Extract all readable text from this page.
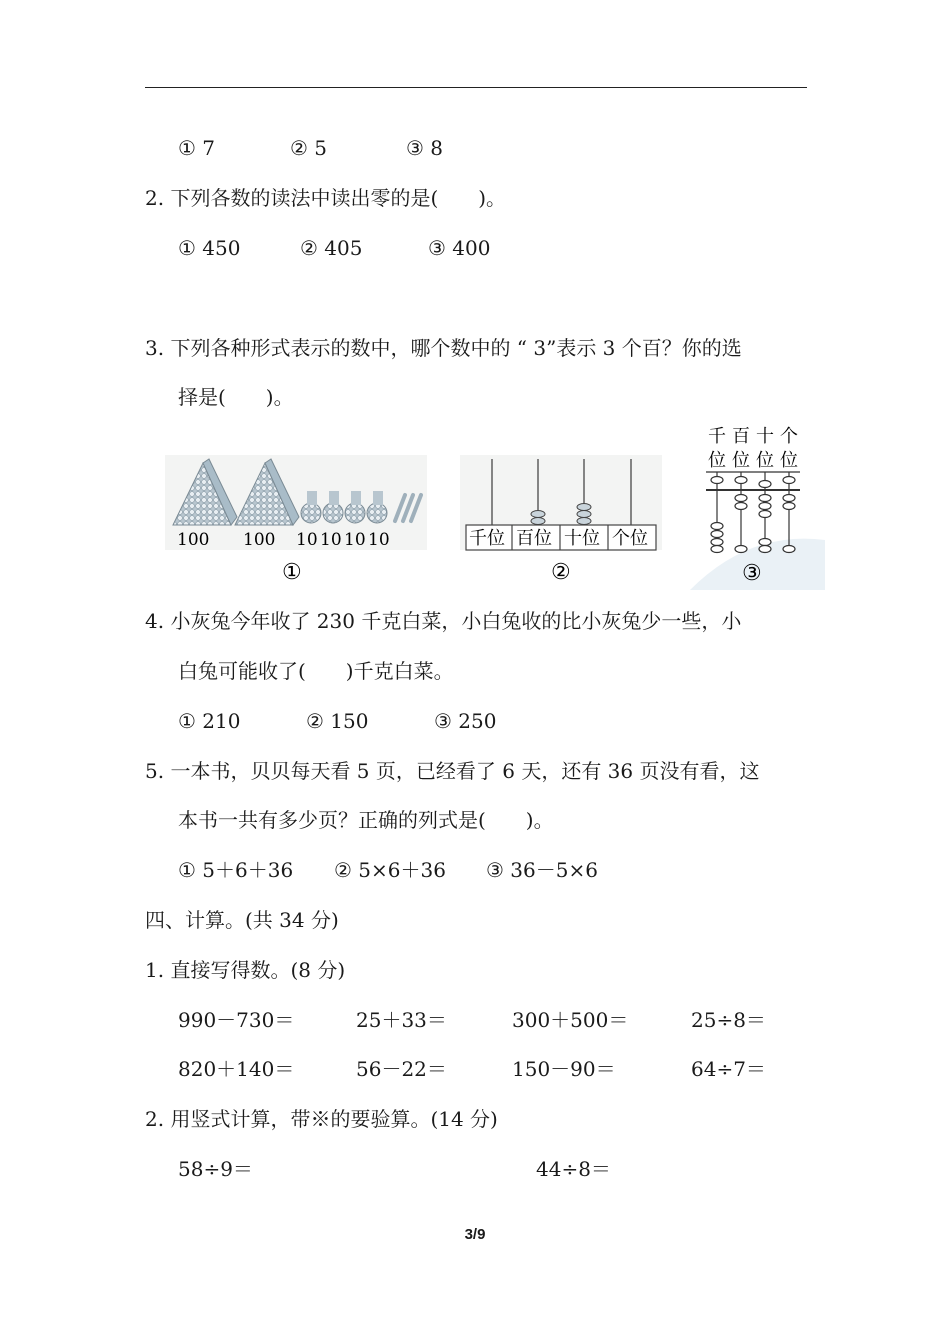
① 7	② 5	③ 8
2. 下列各数的读法中读出零的是(　　)。
① 450	② 405	③ 400
3. 下列各种形式表示的数中，哪个数中的 “ 3”表示 3 个百？你的选
择是(　　)。
100 100 10 10 10 10
①
千位 百位 十位 个位
②
千 百 十 个
位 位 位 位
③
4. 小灰兔今年收了 230 千克白菜，小白兔收的比小灰兔少一些，小
白兔可能收了(　　)千克白菜。
① 210	② 150	③ 250
5. 一本书，贝贝每天看 5 页，已经看了 6 天，还有 36 页没有看，这
本书一共有多少页？正确的列式是(　　)。
① 5＋6＋36 ② 5×6＋36 ③ 36－5×6
四、计算。(共 34 分)
1. 直接写得数。(8 分)
990－730＝	25＋33＝	300＋500＝	25÷8＝
820＋140＝	56－22＝	150－90＝	64÷7＝
2. 用竖式计算，带※的要验算。(14 分)
58÷9＝	44÷8＝
3/9
